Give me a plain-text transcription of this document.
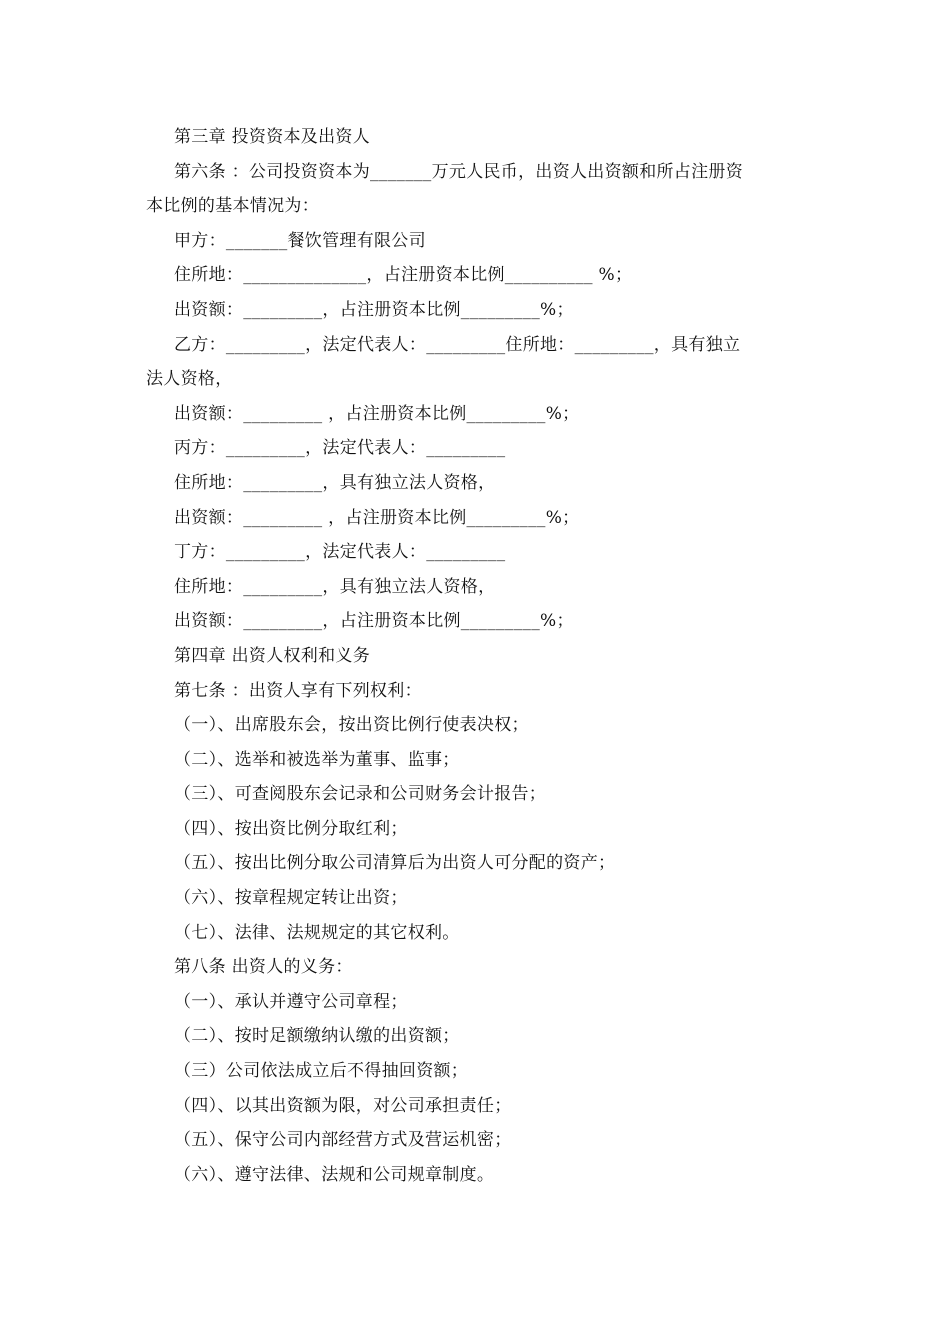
第三章 投资资本及出资人
第六条 ：公司投资资本为_______万元人民币，出资人出资额和所占注册资
本比例的基本情况为：
甲方：_______餐饮管理有限公司
住所地：______________，占注册资本比例__________ %；
出资额：_________，占注册资本比例_________%；
乙方：_________，法定代表人：_________住所地：_________，具有独立
法人资格，
出资额：_________ ，占注册资本比例_________%；
丙方：_________，法定代表人：_________
住所地：_________，具有独立法人资格，
出资额：_________ ，占注册资本比例_________%；
丁方：_________，法定代表人：_________
住所地：_________，具有独立法人资格，
出资额：_________，占注册资本比例_________%；
第四章 出资人权利和义务
第七条 ：出资人享有下列权利：
（一）、出席股东会，按出资比例行使表决权；
（二）、选举和被选举为董事、监事；
（三）、可查阅股东会记录和公司财务会计报告；
（四）、按出资比例分取红利；
（五）、按出比例分取公司清算后为出资人可分配的资产；
（六）、按章程规定转让出资；
（七）、法律、法规规定的其它权利。
第八条 出资人的义务：
（一）、承认并遵守公司章程；
（二）、按时足额缴纳认缴的出资额；
（三）公司依法成立后不得抽回资额；
（四）、以其出资额为限，对公司承担责任；
（五）、保守公司内部经营方式及营运机密；
（六）、遵守法律、法规和公司规章制度。
